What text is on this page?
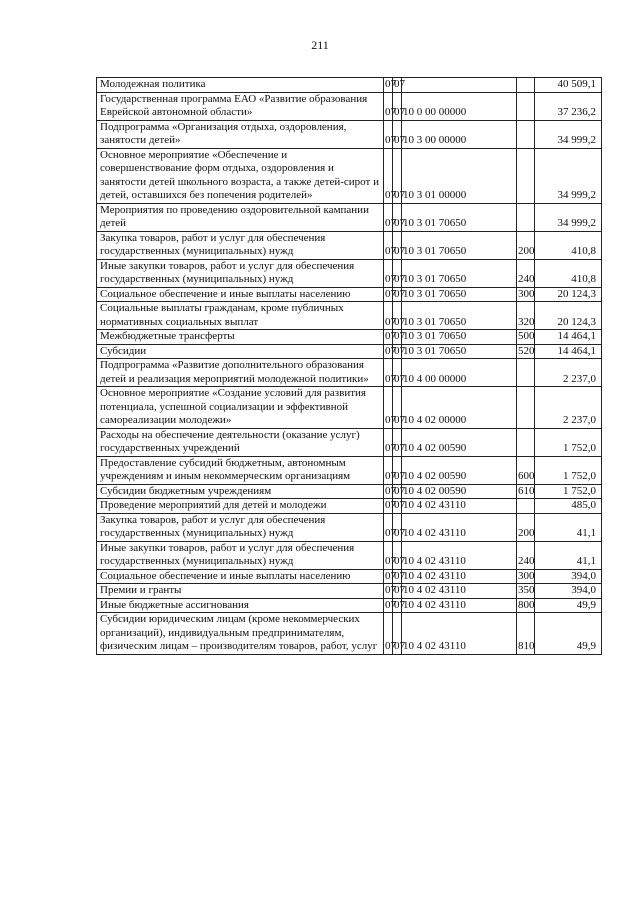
211
Молодежная политика	07	07			40 509,1
Государственная программа ЕАО «Развитие образования Еврейской автономной области»	07	07	10 0 00 00000		37 236,2
Подпрограмма «Организация отдыха, оздоровления, занятости детей»	07	07	10 3 00 00000		34 999,2
Основное мероприятие «Обеспечение и совершенствование форм отдыха, оздоровления и занятости детей школьного возраста, а также детей-сирот и детей, оставшихся без попечения родителей»	07	07	10 3 01 00000		34 999,2
Мероприятия по проведению оздоровительной кампании детей	07	07	10 3 01 70650		34 999,2
Закупка товаров, работ и услуг для обеспечения государственных (муниципальных) нужд	07	07	10 3 01 70650	200	410,8
Иные закупки товаров, работ и услуг для обеспечения государственных (муниципальных) нужд	07	07	10 3 01 70650	240	410,8
Социальное обеспечение и иные выплаты населению	07	07	10 3 01 70650	300	20 124,3
Социальные выплаты гражданам, кроме публичных нормативных социальных выплат	07	07	10 3 01 70650	320	20 124,3
Межбюджетные трансферты	07	07	10 3 01 70650	500	14 464,1
Субсидии	07	07	10 3 01 70650	520	14 464,1
Подпрограмма «Развитие дополнительного образования детей и реализация мероприятий молодежной политики»	07	07	10 4 00 00000		2 237,0
Основное мероприятие «Создание условий для развития потенциала, успешной социализации и эффективной самореализации молодежи»	07	07	10 4 02 00000		2 237,0
Расходы на обеспечение деятельности (оказание услуг) государственных учреждений	07	07	10 4 02 00590		1 752,0
Предоставление субсидий бюджетным, автономным учреждениям и иным некоммерческим организациям	07	07	10 4 02 00590	600	1 752,0
Субсидии бюджетным учреждениям	07	07	10 4 02 00590	610	1 752,0
Проведение мероприятий для детей и молодежи	07	07	10 4 02 43110		485,0
Закупка товаров, работ и услуг для обеспечения государственных (муниципальных) нужд	07	07	10 4 02 43110	200	41,1
Иные закупки товаров, работ и услуг для обеспечения государственных (муниципальных) нужд	07	07	10 4 02 43110	240	41,1
Социальное обеспечение и иные выплаты населению	07	07	10 4 02 43110	300	394,0
Премии и гранты	07	07	10 4 02 43110	350	394,0
Иные бюджетные ассигнования	07	07	10 4 02 43110	800	49,9
Субсидии юридическим лицам (кроме некоммерческих организаций), индивидуальным предпринимателям, физическим лицам – производителям товаров, работ, услуг	07	07	10 4 02 43110	810	49,9
